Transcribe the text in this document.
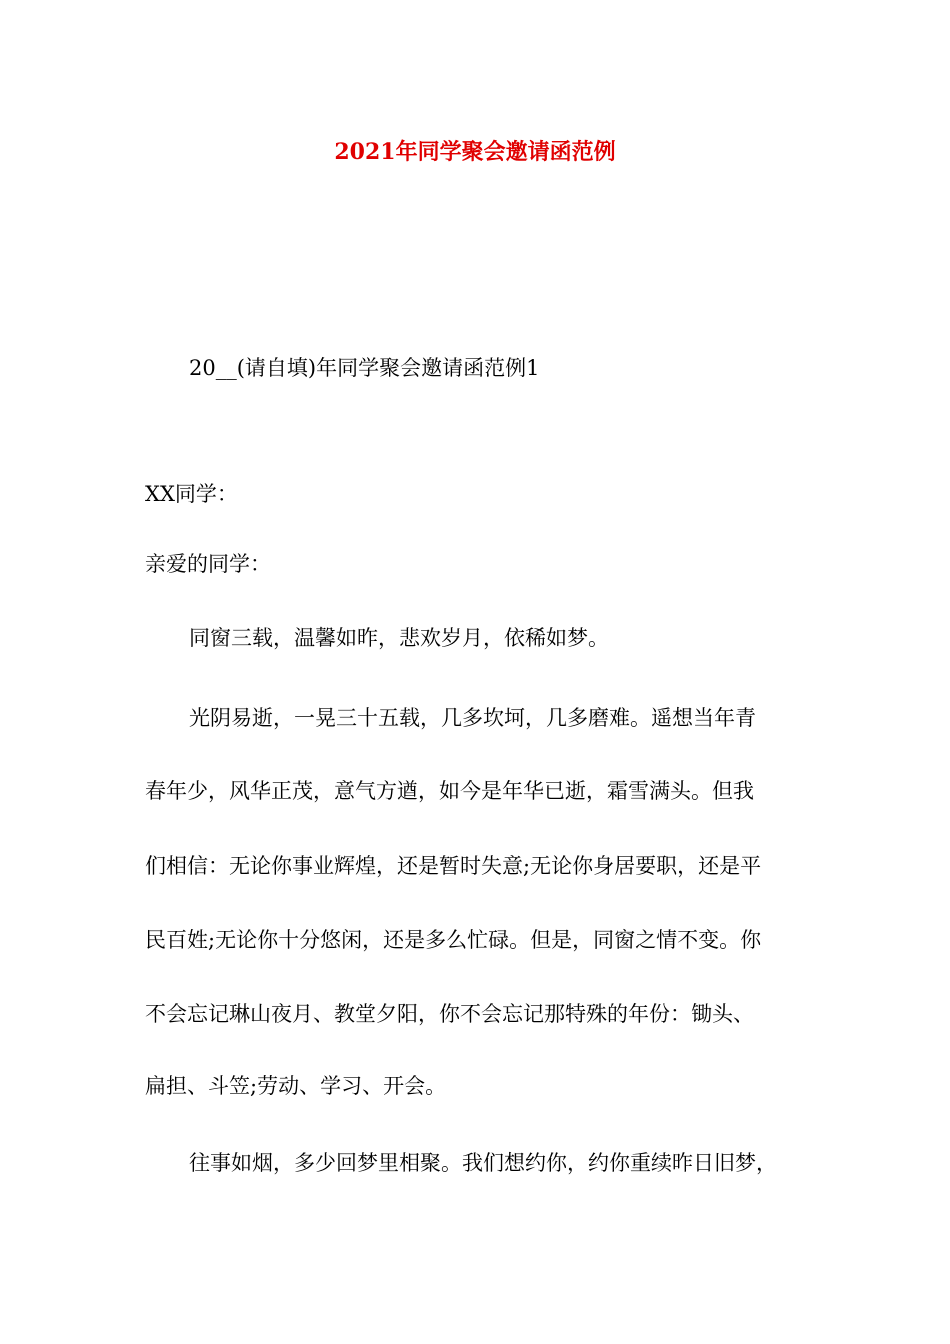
2021年同学聚会邀请函范例
20__(请自填)年同学聚会邀请函范例1
XX同学：
亲爱的同学：
同窗三载，温馨如昨，悲欢岁月，依稀如梦。
光阴易逝，一晃三十五载，几多坎坷，几多磨难。遥想当年青
春年少，风华正茂，意气方遒，如今是年华已逝，霜雪满头。但我
们相信：无论你事业辉煌，还是暂时失意;无论你身居要职，还是平
民百姓;无论你十分悠闲，还是多么忙碌。但是，同窗之情不变。你
不会忘记琳山夜月、教堂夕阳，你不会忘记那特殊的年份：锄头、
扁担、斗笠;劳动、学习、开会。
往事如烟，多少回梦里相聚。我们想约你，约你重续昨日旧梦，
